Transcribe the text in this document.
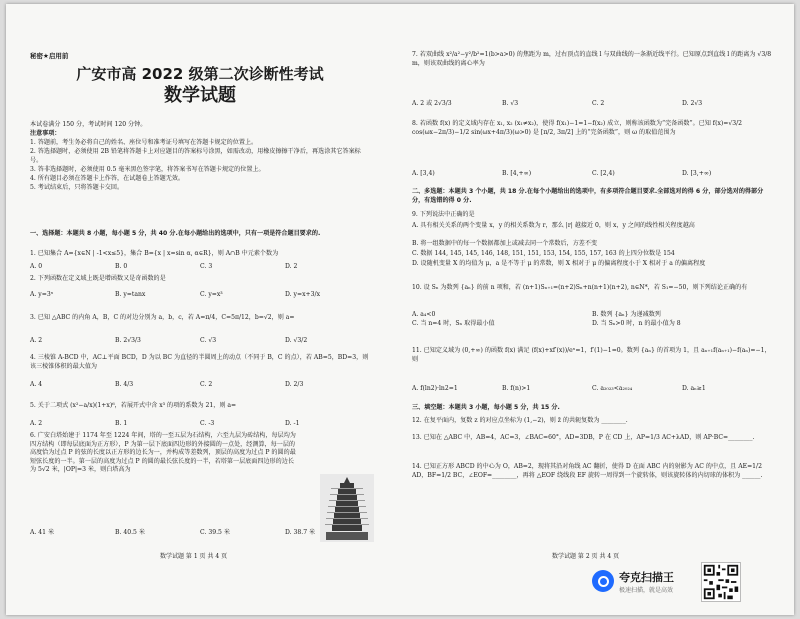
秘密★启用前
广安市高 2022 级第二次诊断性考试
数学试题
本试卷满分 150 分，考试时间 120 分钟。
注意事项：
1. 答题前，考生务必将自己的姓名、座位号和准考证号填写在答题卡规定的位置上。
2. 答选择题时，必须使用 2B 铅笔将答题卡上对应题目的答案标号涂黑，如需改动，用橡皮擦擦干净后，再选涂其它答案标号。
3. 答非选择题时，必须使用 0.5 毫米黑色签字笔，将答案书写在答题卡规定的位置上。
4. 所有题目必须在答题卡上作答，在试题卷上答题无效。
5. 考试结束后，只将答题卡交回。
一、选择题：本题共 8 小题，每小题 5 分，共 40 分.在每小题给出的选项中，只有一项是符合题目要求的.
1. 已知集合 A={x∈N | -1<x≤5}，集合 B={x | x=sin α, α∈R}，则 A∩B 中元素个数为
A. 0	B. 0	C. 3	D. 2
2. 下列函数在定义域上既是增函数又是奇函数的是
A. y=3ˣ	B. y=tanx	C. y=x³	D. y=x+3/x
3. 已知 △ABC 的内角 A，B，C 的对边分别为 a，b，c，若 A=π/4，C=5π/12，b=√2，则 a=
A. 2	B. 2√3/3	C. √3	D. √3/2
4. 三棱锥 A-BCD 中，AC⊥平面 BCD，D 为以 BC 为直径的半圆周上的动点（不同于 B，C 的点），若 AB=5，BD=3，则该三棱锥体积的最大值为
A. 4	B. 4/3	C. 2	D. 2/3
5. 关于二项式 (x²−a/x)(1+x)⁶，若展开式中含 x³ 的项的系数为 21，则 a=
A. 2	B. 1	C. -3	D. -1
6. 广安白塔始建于 1174 年至 1224 年间，塔的一至五层为石结构，六至九层为砖结构，每层均为四方结构（即每层底面为正方形），P 为第一层下底面四边形的外接圆的一点处，经测算，每一层的高度恰为过点 P 的弦的长度以正方形的边长为一，并构成等差数列，顶层的高度为过点 P 的圆的最短弦长度的一半。第一层的高度为过点 P 的圆的最长弦长度的一半，若塔第一层底面四边形的边长为 5√2 米，|OP|=3 米，则白塔高为
A. 41 米	B. 40.5 米	C. 39.5 米	D. 38.7 米
数学试题 第 1 页 共 4 页
7. 若双曲线 x²/a²−y²/b²=1(b>a>0) 的焦距为 m，过右顶点的直线 l 与双曲线的一条渐近线平行。已知原点到直线 l 的距离为 √3/8 m，则该双曲线的离心率为
A. 2 或 2√3/3	B. √3	C. 2	D. 2√3
8. 若函数 f(x) 的定义域内存在 x₁, x₂ (x₁≠x₂)，使得 f(x₁)−1=1−f(x₂) 成立，则称该函数为“完备函数”。已知 f(x)=√3/2 cos(ωx−2π/3)−1/2 sin(ωx+4π/3)(ω>0) 是 [π/2, 3π/2] 上的“完备函数”，则 ω 的取值范围为
A. [3,4)	B. [4,+∞)	C. [2,4)	D. [3,+∞)
二、多选题：本题共 3 个小题，共 18 分.在每个小题给出的选项中，有多项符合题目要求.全部选对的得 6 分，部分选对的得部分分，有选错的得 0 分.
9. 下列说法中正确的是
A. 具有相关关系的两个变量 x，y 的相关系数为 r，那么 |r| 越接近 0，则 x，y 之间的线性相关程度越高
B. 将一组数据中的每一个数据都加上或减去同一个常数后，方差不变
C. 数据 144, 145, 145, 146, 148, 151, 151, 153, 154, 155, 157, 163 的上四分位数是 154
D. 设随机变量 X 的均值为 μ，a 是不等于 μ 的常数，则 X 相对于 μ 的偏离程度小于 X 相对于 a 的偏离程度
10. 设 Sₙ 为数列 {aₙ} 的前 n 项和，若 (n+1)Sₙ₊₁=(n+2)Sₙ+n(n+1)(n+2), n∈N*，若 S₁=−50，则下列结论正确的有
A. a₄<0	B. 数列 {aₙ} 为递减数列
C. 当 n=4 时，Sₙ 取得最小值	D. 当 Sₙ>0 时，n 的最小值为 8
11. 已知定义域为 (0,+∞) 的函数 f(x) 满足 (f(x)+xf′(x))/eˣ=1，f′(1)−1=0。数列 {aₙ} 的首项为 1，且 aₙ₊₁f(aₙ₊₁)−f(aₙ)=−1，则
A. f(ln2)·ln2=1	B. f(n)>1	C. a₂₀₂₃<a₂₀₂₄	D. aₙ≥1
三、填空题：本题共 3 小题，每小题 5 分，共 15 分.
12. 在复平面内，复数 z 的对应点坐标为 (1,−2)，则 z̄ 的共轭复数为 ________.
13. 已知在 △ABC 中，AB=4，AC=3，∠BAC=60°，AD=3DB，P 在 CD 上，AP=1/3 AC+λAD，则 AP·BC=________.
14. 已知正方形 ABCD 的中心为 O，AB=2，现将其沿对角线 AC 翻折，使得 D 在面 ABC 内的射影为 AC 的中点，且 AE=1/2 AD，BF=1/2 BC，∠EOF=________，再将 △EOF 绕线段 EF 旋转一周得到一个旋转体，则该旋转体的内切球的体积为 ______.
数学试题 第 2 页 共 4 页
夸克扫描王
极速扫描，就是高效
